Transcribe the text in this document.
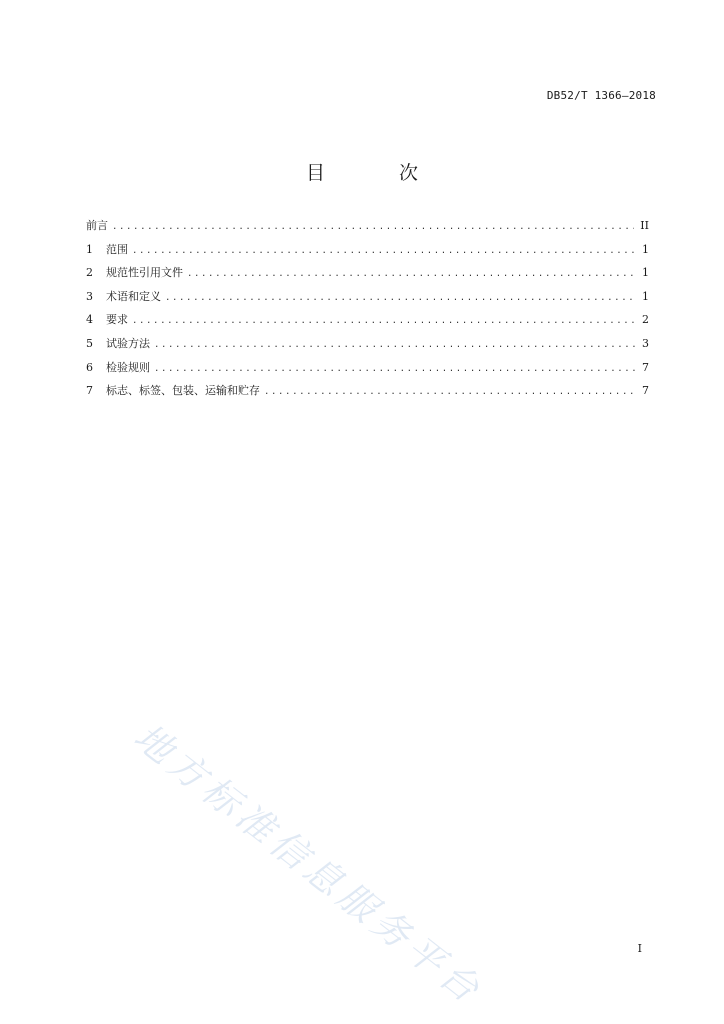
DB52/T 1366—2018
目 次
前言 .....	II
1	范围 .....	1
2	规范性引用文件 .....	1
3	术语和定义 .....	1
4	要求 .....	2
5	试验方法 .....	3
6	检验规则 .....	7
7	标志、标签、包装、运输和贮存 .....	7
地方标准信息服务平台	I
